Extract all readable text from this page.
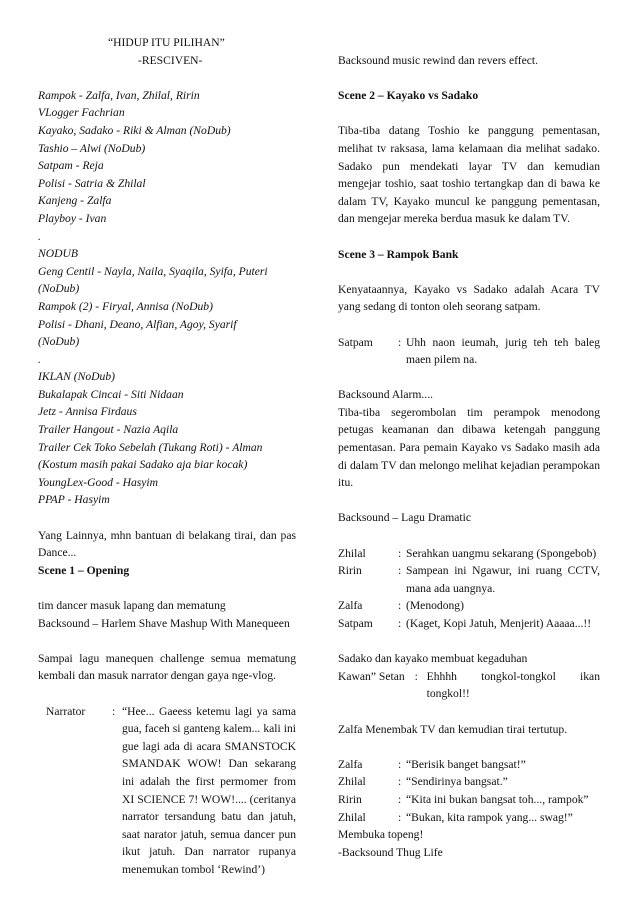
“HIDUP ITU PILIHAN”
-RESCIVEN-
Rampok - Zalfa, Ivan, Zhilal, Ririn
VLogger Fachrian
Kayako, Sadako - Riki & Alman (NoDub)
Tashio – Alwi (NoDub)
Satpam - Reja
Polisi - Satria & Zhilal
Kanjeng - Zalfa
Playboy - Ivan
.
NODUB
Geng Centil - Nayla, Naila, Syaqila, Syifa, Puteri
(NoDub)
Rampok (2) - Firyal, Annisa (NoDub)
Polisi - Dhani, Deano, Alfian, Agoy, Syarif
(NoDub)
.
IKLAN (NoDub)
Bukalapak Cincai - Siti Nidaan
Jetz - Annisa Firdaus
Trailer Hangout - Nazia Aqila
Trailer Cek Toko Sebelah (Tukang Roti) - Alman
(Kostum masih pakai Sadako aja biar kocak)
YoungLex-Good - Hasyim
PPAP - Hasyim
Yang Lainnya, mhn bantuan di belakang tirai, dan pas Dance...
Scene 1 – Opening
tim dancer masuk lapang dan mematung
Backsound – Harlem Shave Mashup With Manequeen
Sampai lagu manequen challenge semua mematung kembali dan masuk narrator dengan gaya nge-vlog.
Narrator	: “Hee... Gaeess ketemu lagi ya sama gua, faceh si ganteng kalem... kali ini gue lagi ada di acara SMANSTOCK SMANDAK WOW! Dan sekarang ini adalah the first permomer from XI SCIENCE 7! WOW!.... (ceritanya narrator tersandung batu dan jatuh, saat narator jatuh, semua dancer pun ikut jatuh. Dan narrator rupanya menemukan tombol ‘Rewind’)
Backsound music rewind dan revers effect.
Scene 2 – Kayako vs Sadako
Tiba-tiba datang Toshio ke panggung pementasan, melihat tv raksasa, lama kelamaan dia melihat sadako. Sadako pun mendekati layar TV dan kemudian mengejar toshio, saat toshio tertangkap dan di bawa ke dalam TV, Kayako muncul ke panggung pementasan, dan mengejar mereka berdua masuk ke dalam TV.
Scene 3 – Rampok Bank
Kenyataannya, Kayako vs Sadako adalah Acara TV yang sedang di tonton oleh seorang satpam.
Satpam	: Uhh naon ieumah, jurig teh teh baleg maen pilem na.
Backsound Alarm....
Tiba-tiba segerombolan tim perampok menodong petugas keamanan dan dibawa ketengah panggung pementasan. Para pemain Kayako vs Sadako masih ada di dalam TV dan melongo melihat kejadian perampokan itu.
Backsound – Lagu Dramatic
Zhilal	: Serahkan uangmu sekarang (Spongebob)
Ririn	: Sampean ini Ngawur, ini ruang CCTV, mana ada uangnya.
Zalfa	: (Menodong)
Satpam	: (Kaget, Kopi Jatuh, Menjerit) Aaaaa...!!
Sadako dan kayako membuat kegaduhan
Kawan” Setan : Ehhhh tongkol-tongkol ikan tongkol!!
Zalfa Menembak TV dan kemudian tirai tertutup.
Zalfa	: “Berisik banget bangsat!”
Zhilal	: “Sendirinya bangsat.”
Ririn	: “Kita ini bukan bangsat toh..., rampok”
Zhilal	: “Bukan, kita rampok yang... swag!”
Membuka topeng!
-Backsound Thug Life
